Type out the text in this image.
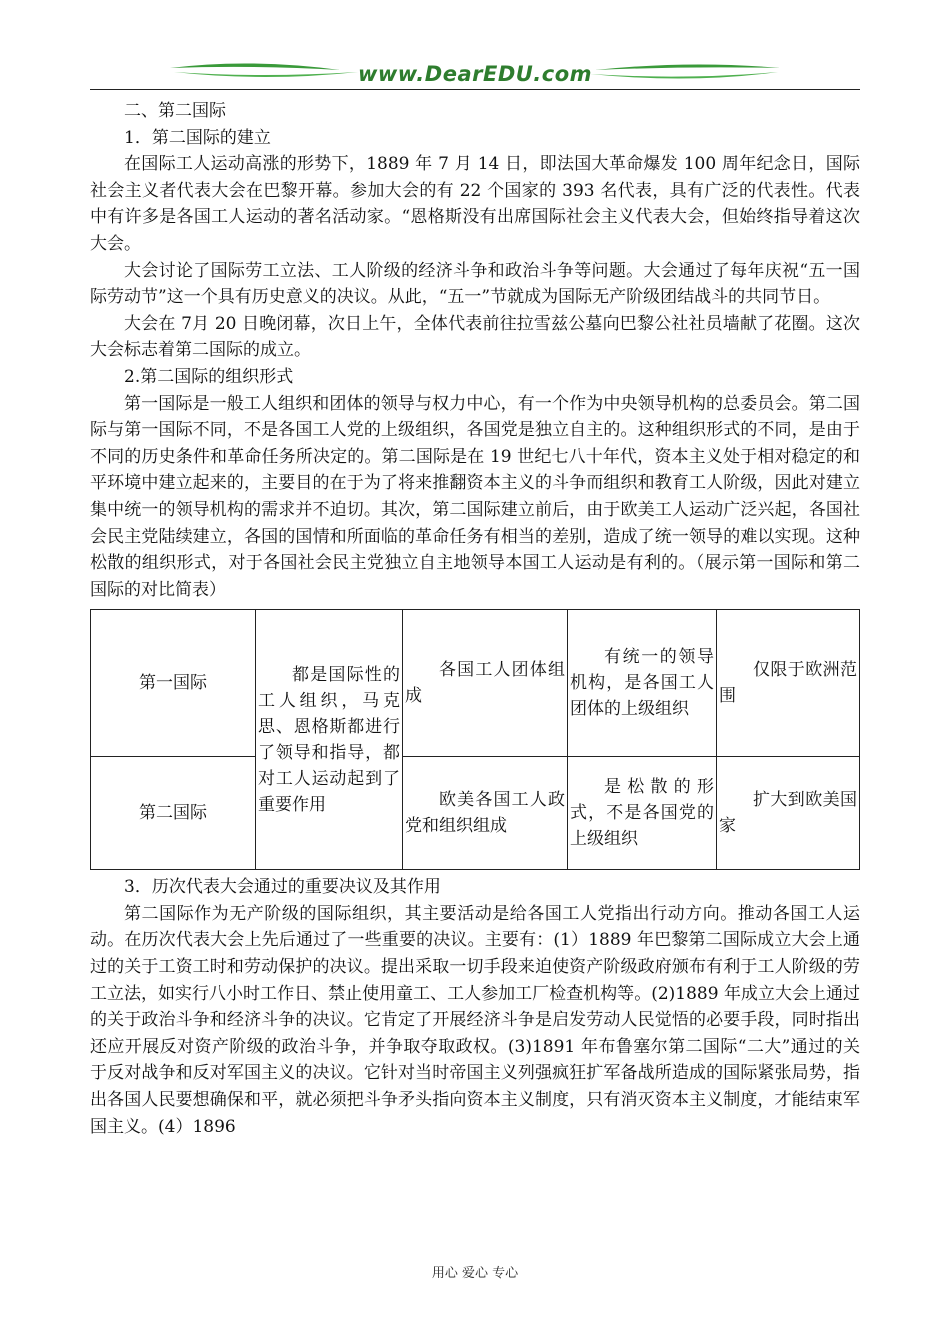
www.DearEDU.com

二、第二国际

1．第二国际的建立

在国际工人运动高涨的形势下，1889 年 7 月 14 日，即法国大革命爆发 100 周年纪念日，国际社会主义者代表大会在巴黎开幕。参加大会的有 22 个国家的 393 名代表，具有广泛的代表性。代表中有许多是各国工人运动的著名活动家。“恩格斯没有出席国际社会主义代表大会，但始终指导着这次大会。

大会讨论了国际劳工立法、工人阶级的经济斗争和政治斗争等问题。大会通过了每年庆祝“五一国际劳动节”这一个具有历史意义的决议。从此，“五一”节就成为国际无产阶级团结战斗的共同节日。

大会在 7月 20 日晚闭幕，次日上午，全体代表前往拉雪兹公墓向巴黎公社社员墙献了花圈。这次大会标志着第二国际的成立。

2.第二国际的组织形式

第一国际是一般工人组织和团体的领导与权力中心，有一个作为中央领导机构的总委员会。第二国际与第一国际不同，不是各国工人党的上级组织，各国党是独立自主的。这种组织形式的不同，是由于不同的历史条件和革命任务所决定的。第二国际是在 19 世纪七八十年代，资本主义处于相对稳定的和平环境中建立起来的，主要目的在于为了将来推翻资本主义的斗争而组织和教育工人阶级，因此对建立集中统一的领导机构的需求并不迫切。其次，第二国际建立前后，由于欧美工人运动广泛兴起，各国社会民主党陆续建立，各国的国情和所面临的革命任务有相当的差别，造成了统一领导的难以实现。这种松散的组织形式，对于各国社会民主党独立自主地领导本国工人运动是有利的。（展示第一国际和第二国际的对比简表）

第一国际	都是国际性的工人组织，马克思、恩格斯都进行了领导和指导，都对工人运动起到了重要作用	各国工人团体组成	有统一的领导机构，是各国工人团体的上级组织	仅限于欧洲范围
第二国际		欧美各国工人政党和组织组成	是松散的形式，不是各国党的上级组织	扩大到欧美国家

3．历次代表大会通过的重要决议及其作用

第二国际作为无产阶级的国际组织，其主要活动是给各国工人党指出行动方向。推动各国工人运动。在历次代表大会上先后通过了一些重要的决议。主要有：(1）1889 年巴黎第二国际成立大会上通过的关于工资工时和劳动保护的决议。提出采取一切手段来迫使资产阶级政府颁布有利于工人阶级的劳工立法，如实行八小时工作日、禁止使用童工、工人参加工厂检查机构等。(2)1889 年成立大会上通过的关于政治斗争和经济斗争的决议。它肯定了开展经济斗争是启发劳动人民觉悟的必要手段，同时指出还应开展反对资产阶级的政治斗争，并争取夺取政权。(3)1891 年布鲁塞尔第二国际“二大”通过的关于反对战争和反对军国主义的决议。它针对当时帝国主义列强疯狂扩军备战所造成的国际紧张局势，指出各国人民要想确保和平，就必须把斗争矛头指向资本主义制度，只有消灭资本主义制度，才能结束军国主义。(4）1896

用心 爱心 专心
